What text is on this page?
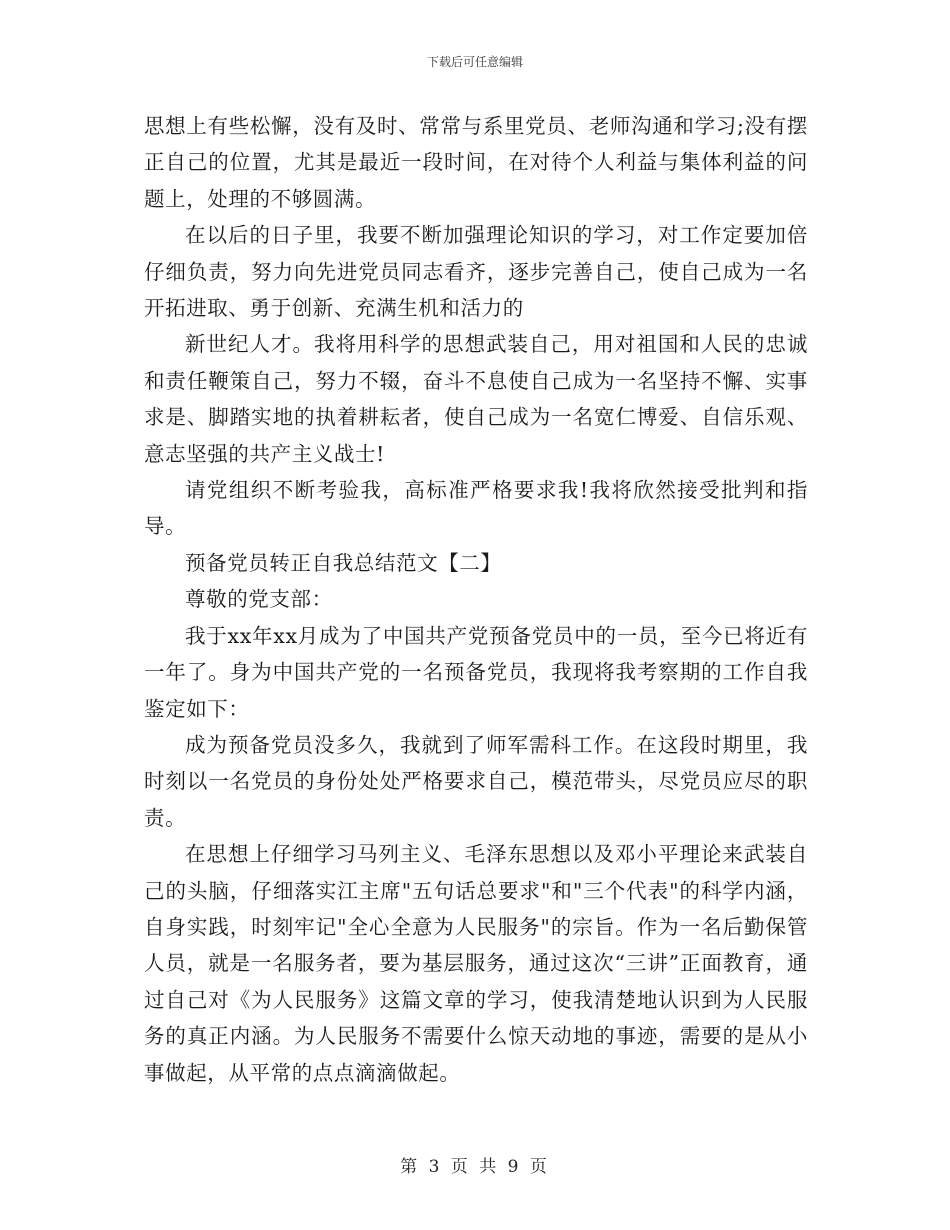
下载后可任意编辑

思想上有些松懈，没有及时、常常与系里党员、老师沟通和学习;没有摆正自己的位置，尤其是最近一段时间，在对待个人利益与集体利益的问题上，处理的不够圆满。

在以后的日子里，我要不断加强理论知识的学习，对工作定要加倍仔细负责，努力向先进党员同志看齐，逐步完善自己，使自己成为一名开拓进取、勇于创新、充满生机和活力的

新世纪人才。我将用科学的思想武装自己，用对祖国和人民的忠诚和责任鞭策自己，努力不辍，奋斗不息使自己成为一名坚持不懈、实事求是、脚踏实地的执着耕耘者，使自己成为一名宽仁博爱、自信乐观、意志坚强的共产主义战士!

请党组织不断考验我，高标准严格要求我!我将欣然接受批判和指导。

预备党员转正自我总结范文【二】

尊敬的党支部：

我于xx年xx月成为了中国共产党预备党员中的一员，至今已将近有一年了。身为中国共产党的一名预备党员，我现将我考察期的工作自我鉴定如下：

成为预备党员没多久，我就到了师军需科工作。在这段时期里，我时刻以一名党员的身份处处严格要求自己，模范带头，尽党员应尽的职责。

在思想上仔细学习马列主义、毛泽东思想以及邓小平理论来武装自己的头脑，仔细落实江主席"五句话总要求"和"三个代表"的科学内涵，自身实践，时刻牢记"全心全意为人民服务"的宗旨。作为一名后勤保管人员，就是一名服务者，要为基层服务，通过这次“三讲”正面教育，通过自己对《为人民服务》这篇文章的学习，使我清楚地认识到为人民服务的真正内涵。为人民服务不需要什么惊天动地的事迹，需要的是从小事做起，从平常的点点滴滴做起。

第 3 页 共 9 页
